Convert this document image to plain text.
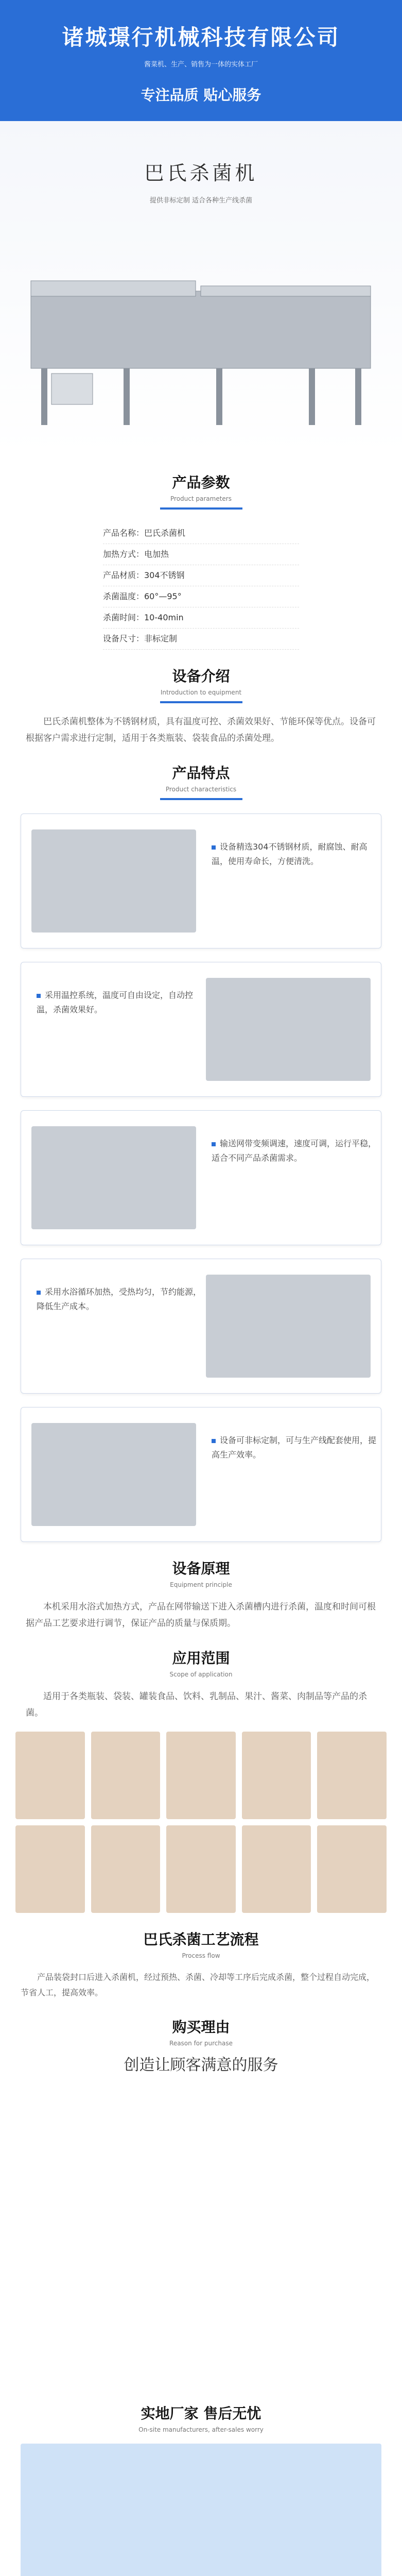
诸城璟行机械科技有限公司
酱菜机、生产、销售为一体的实体工厂
专注品质 贴心服务
巴氏杀菌机
提供非标定制 适合各种生产线杀菌
产品参数
Product parameters
产品名称：巴氏杀菌机
加热方式：电加热
产品材质：304不锈钢
杀菌温度：60°—95°
杀菌时间：10-40min
设备尺寸：非标定制
设备介绍
Introduction to equipment
巴氏杀菌机整体为不锈钢材质，具有温度可控、杀菌效果好、节能环保等优点。设备可根据客户需求进行定制，适用于各类瓶装、袋装食品的杀菌处理。
产品特点
Product characteristics
设备精选304不锈钢材质，耐腐蚀、耐高温，使用寿命长，方便清洗。
采用温控系统，温度可自由设定，自动控温，杀菌效果好。
输送网带变频调速，速度可调，运行平稳，适合不同产品杀菌需求。
采用水浴循环加热，受热均匀，节约能源，降低生产成本。
设备可非标定制，可与生产线配套使用，提高生产效率。
设备原理
Equipment principle
本机采用水浴式加热方式，产品在网带输送下进入杀菌槽内进行杀菌，温度和时间可根据产品工艺要求进行调节，保证产品的质量与保质期。
应用范围
Scope of application
适用于各类瓶装、袋装、罐装食品、饮料、乳制品、果汁、酱菜、肉制品等产品的杀菌。
巴氏杀菌工艺流程
Process flow
产品装袋封口后进入杀菌机，经过预热、杀菌、冷却等工序后完成杀菌，整个过程自动完成，节省人工，提高效率。
购买理由
Reason for purchase
创造让顾客满意的服务
实地厂家 售后无忧
On-site manufacturers, after-sales worry
